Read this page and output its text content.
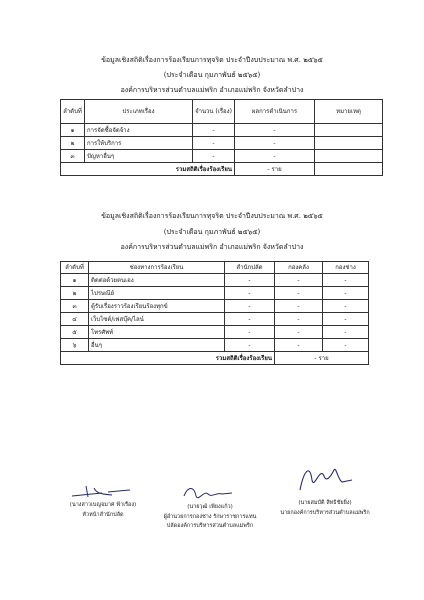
ข้อมูลเชิงสถิติเรื่องการร้องเรียนการทุจริต ประจำปีงบประมาณ พ.ศ. ๒๕๖๕
(ประจำเดือน กุมภาพันธ์ ๒๕๖๕)
องค์การบริหารส่วนตำบลแม่พริก อำเภอแม่พริก จังหวัดลำปาง
ลำดับที่	ประเภทเรื่อง	จำนวน (เรื่อง)	ผลการดำเนินการ	หมายเหตุ
๑	การจัดซื้อจัดจ้าง	-	-	
๒	การให้บริการ	-	-	
๓	ปัญหาอื่นๆ	-	-	
รวมสถิติเรื่องร้องเรียน			- ราย	
ข้อมูลเชิงสถิติเรื่องการร้องเรียนการทุจริต ประจำปีงบประมาณ พ.ศ. ๒๕๖๕
(ประจำเดือน กุมภาพันธ์ ๒๕๖๕)
องค์การบริหารส่วนตำบลแม่พริก อำเภอแม่พริก จังหวัดลำปาง
ลำดับที่	ช่องทางการร้องเรียน	สำนักปลัด	กองคลัง	กองช่าง
๑	ติดต่อด้วยตนเอง	-	-	-
๒	ไปรษณีย์	-	-	-
๓	ตู้รับเรื่องราวร้องเรียนร้องทุกข์	-	-	-
๔	เว็บไซต์/เฟสบุ๊ค/ไลน์	-	-	-
๕	โทรศัพท์	-	-	-
๖	อื่นๆ	-	-	-
รวมสถิติเรื่องร้องเรียน			- ราย	
(นางสาวเบญจมาศ ฟ้าเรือง)
หัวหน้าสำนักปลัด
(นายวุฒิ เพียงแก้ว)
ผู้อำนวยการกองช่าง รักษาราชการแทน
ปลัดองค์การบริหารส่วนตำบลแม่พริก
(นายสมบัติ สิทธิชัยยิ่ง)
นายกองค์การบริหารส่วนตำบลแม่พริก
